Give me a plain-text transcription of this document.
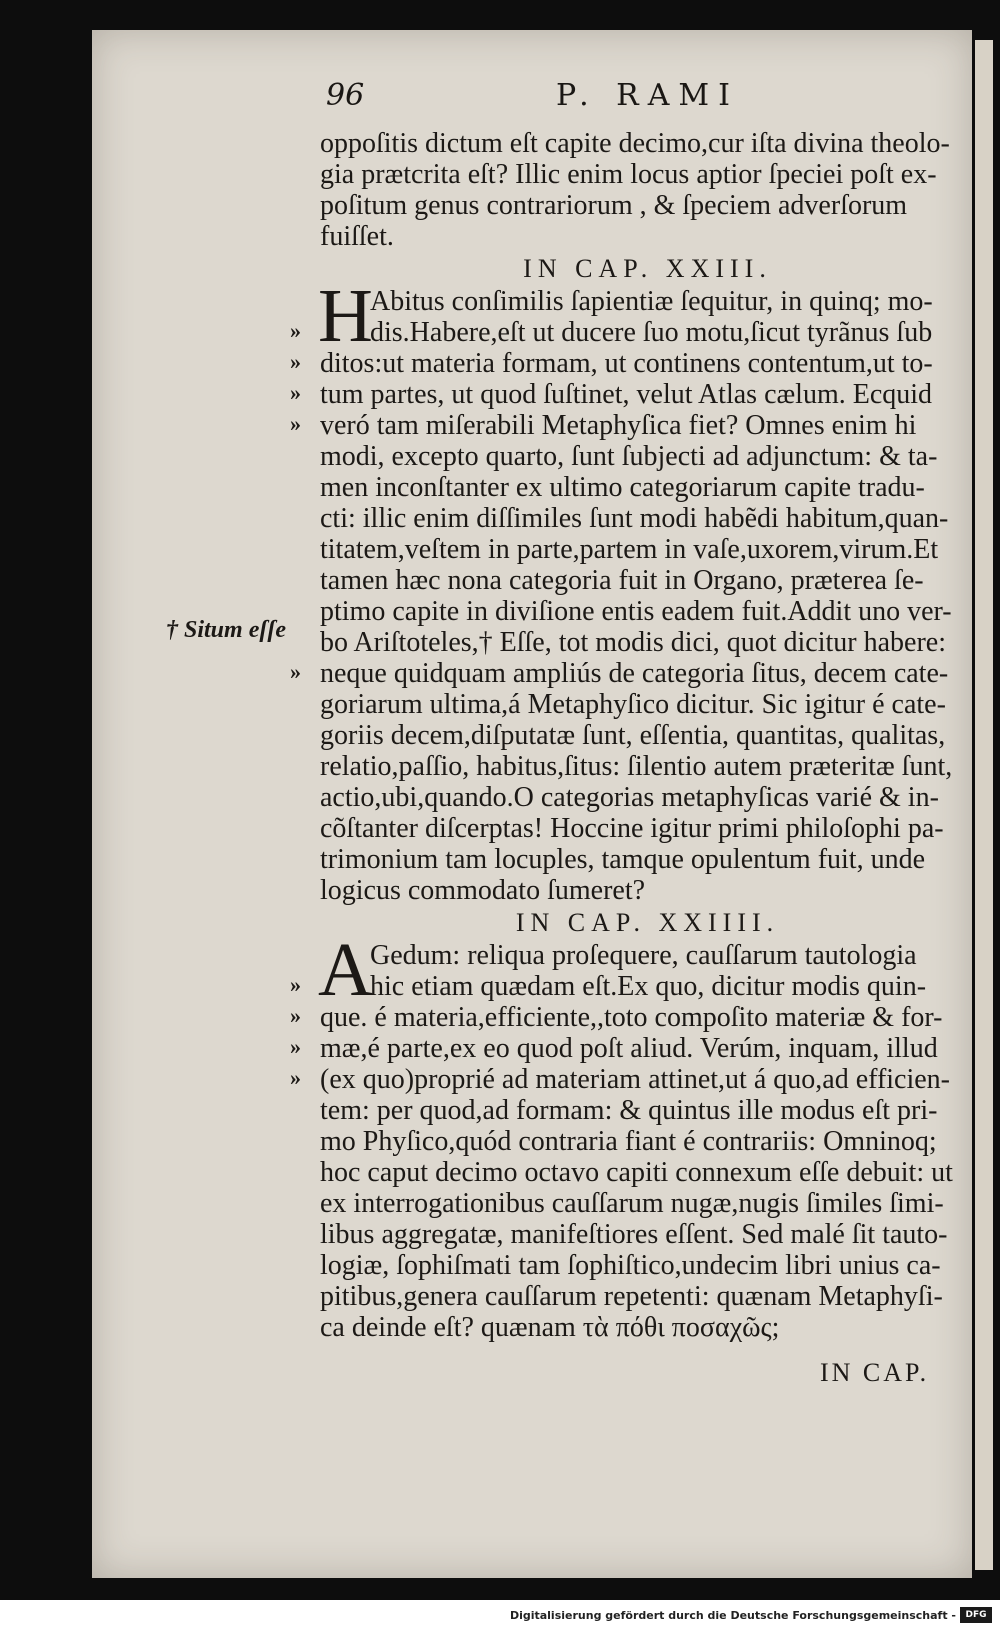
96	P. RAMI
oppoſitis dictum eſt capite decimo,cur iſta divina theolo-
gia prætcrita eſt? Illic enim locus aptior ſpeciei poſt ex-
poſitum genus contrariorum , & ſpeciem adverſorum
fuiſſet.
IN CAP. XXIII.
H
Abitus conſimilis ſapientiæ ſequitur, in quinq; mo-
dis.Habere,eſt ut ducere ſuo motu,ſicut tyrãnus ſub
ditos:ut materia formam, ut continens contentum,ut to-
tum partes, ut quod ſuſtinet, velut Atlas cælum. Ecquid
veró tam miſerabili Metaphyſica fiet? Omnes enim hi
modi, excepto quarto, ſunt ſubjecti ad adjunctum: & ta-
men inconſtanter ex ultimo categoriarum capite tradu-
cti: illic enim diſſimiles ſunt modi habẽdi habitum,quan-
titatem,veſtem in parte,partem in vaſe,uxorem,virum.Et
tamen hæc nona categoria fuit in Organo, præterea ſe-
ptimo capite in diviſione entis eadem fuit.Addit uno ver-
bo Ariſtoteles,† Eſſe, tot modis dici, quot dicitur habere:
neque quidquam ampliús de categoria ſitus, decem cate-
goriarum ultima,á Metaphyſico dicitur. Sic igitur é cate-
goriis decem,diſputatæ ſunt, eſſentia, quantitas, qualitas,
relatio,paſſio, habitus,ſitus: ſilentio autem præteritæ ſunt,
actio,ubi,quando.O categorias metaphyſicas varié & in-
cõſtanter diſcerptas! Hoccine igitur primi philoſophi pa-
trimonium tam locuples, tamque opulentum fuit, unde
logicus commodato ſumeret?
IN CAP. XXIIII.
A
Gedum: reliqua proſequere, cauſſarum tautologia
hic etiam quædam eſt.Ex quo, dicitur modis quin-
que. é materia,efficiente,,toto compoſito materiæ & for-
mæ,é parte,ex eo quod poſt aliud. Verúm, inquam, illud
(ex quo)proprié ad materiam attinet,ut á quo,ad efficien-
tem: per quod,ad formam: & quintus ille modus eſt pri-
mo Phyſico,quód contraria fiant é contrariis: Omninoq;
hoc caput decimo octavo capiti connexum eſſe debuit: ut
ex interrogationibus cauſſarum nugæ,nugis ſimiles ſimi-
libus aggregatæ, manifeſtiores eſſent. Sed malé ſit tauto-
logiæ, ſophiſmati tam ſophiſtico,undecim libri unius ca-
pitibus,genera cauſſarum repetenti: quænam Metaphyſi-
ca deinde eſt? quænam τὰ πόθι ποσαχῶς;
»
»
»
»
»
»
»
»
»
† Situm eſſe
IN CAP.
Digitalisierung gefördert durch die Deutsche Forschungsgemeinschaft -	DFG
